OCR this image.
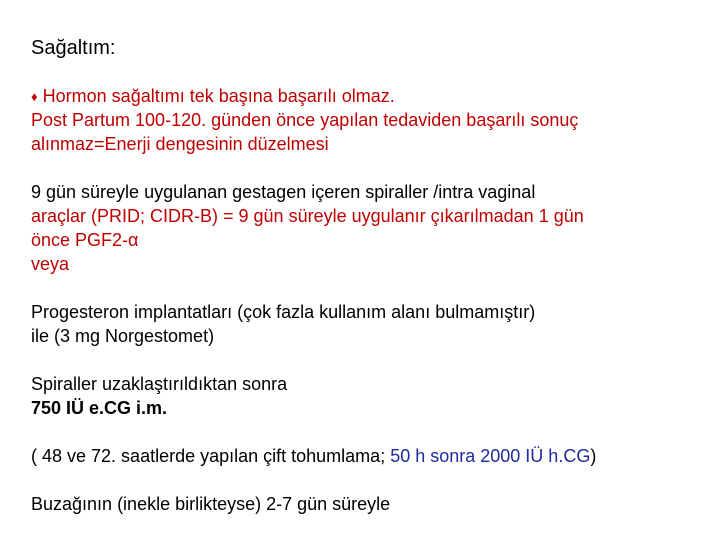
Sağaltım:
♦ Hormon sağaltımı tek başına başarılı olmaz.
Post Partum 100-120. günden önce yapılan tedaviden başarılı sonuç
alınmaz=Enerji dengesinin düzelmesi
9 gün süreyle uygulanan gestagen içeren spiraller /intra vaginal
araçlar (PRID; CIDR-B) = 9 gün süreyle uygulanır çıkarılmadan 1 gün
önce PGF2-α
veya
Progesteron implantatları (çok fazla kullanım alanı bulmamıştır)
ile (3 mg Norgestomet)
Spiraller uzaklaştırıldıktan sonra
750 IÜ e.CG i.m.
( 48 ve 72. saatlerde yapılan çift tohumlama; 50 h sonra 2000 IÜ h.CG)
Buzağının (inekle birlikteyse) 2-7 gün süreyle
